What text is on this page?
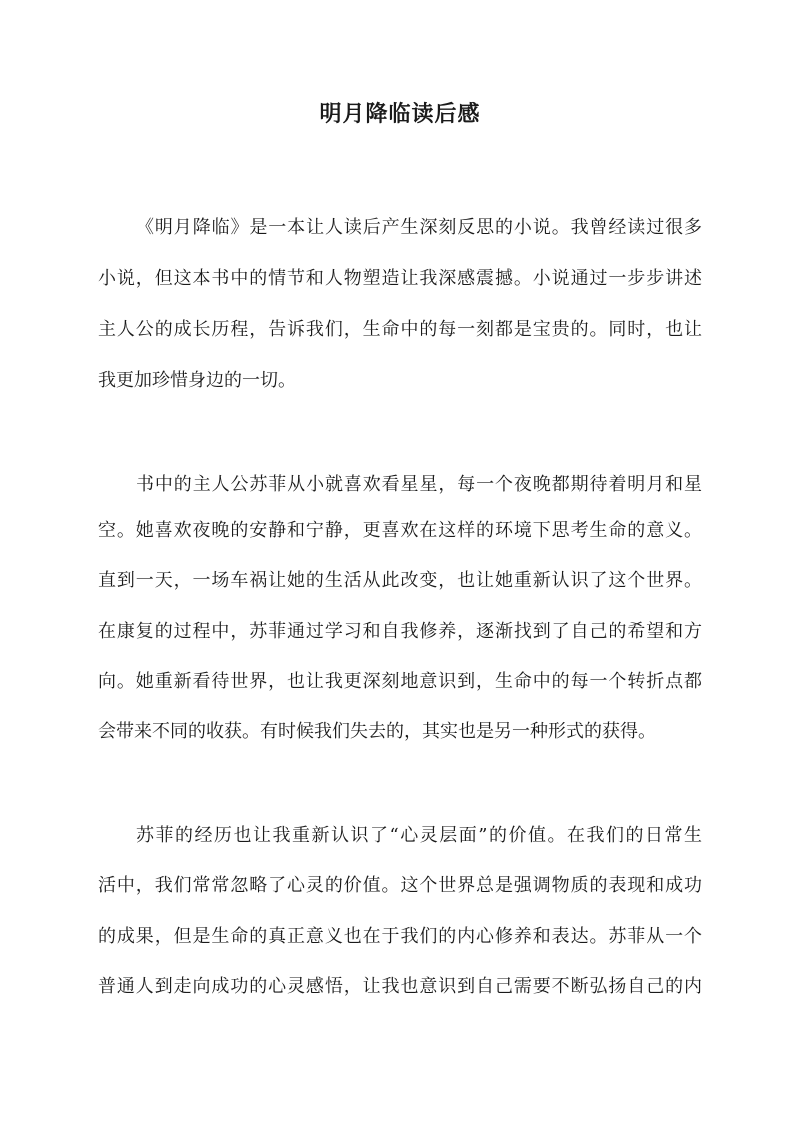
明月降临读后感
《明月降临》是一本让人读后产生深刻反思的小说。我曾经读过很多
小说，但这本书中的情节和人物塑造让我深感震撼。小说通过一步步讲述
主人公的成长历程，告诉我们，生命中的每一刻都是宝贵的。同时，也让
我更加珍惜身边的一切。
书中的主人公苏菲从小就喜欢看星星，每一个夜晚都期待着明月和星
空。她喜欢夜晚的安静和宁静，更喜欢在这样的环境下思考生命的意义。
直到一天，一场车祸让她的生活从此改变，也让她重新认识了这个世界。
在康复的过程中，苏菲通过学习和自我修养，逐渐找到了自己的希望和方
向。她重新看待世界，也让我更深刻地意识到，生命中的每一个转折点都
会带来不同的收获。有时候我们失去的，其实也是另一种形式的获得。
苏菲的经历也让我重新认识了“心灵层面”的价值。在我们的日常生
活中，我们常常忽略了心灵的价值。这个世界总是强调物质的表现和成功
的成果，但是生命的真正意义也在于我们的内心修养和表达。苏菲从一个
普通人到走向成功的心灵感悟，让我也意识到自己需要不断弘扬自己的内
